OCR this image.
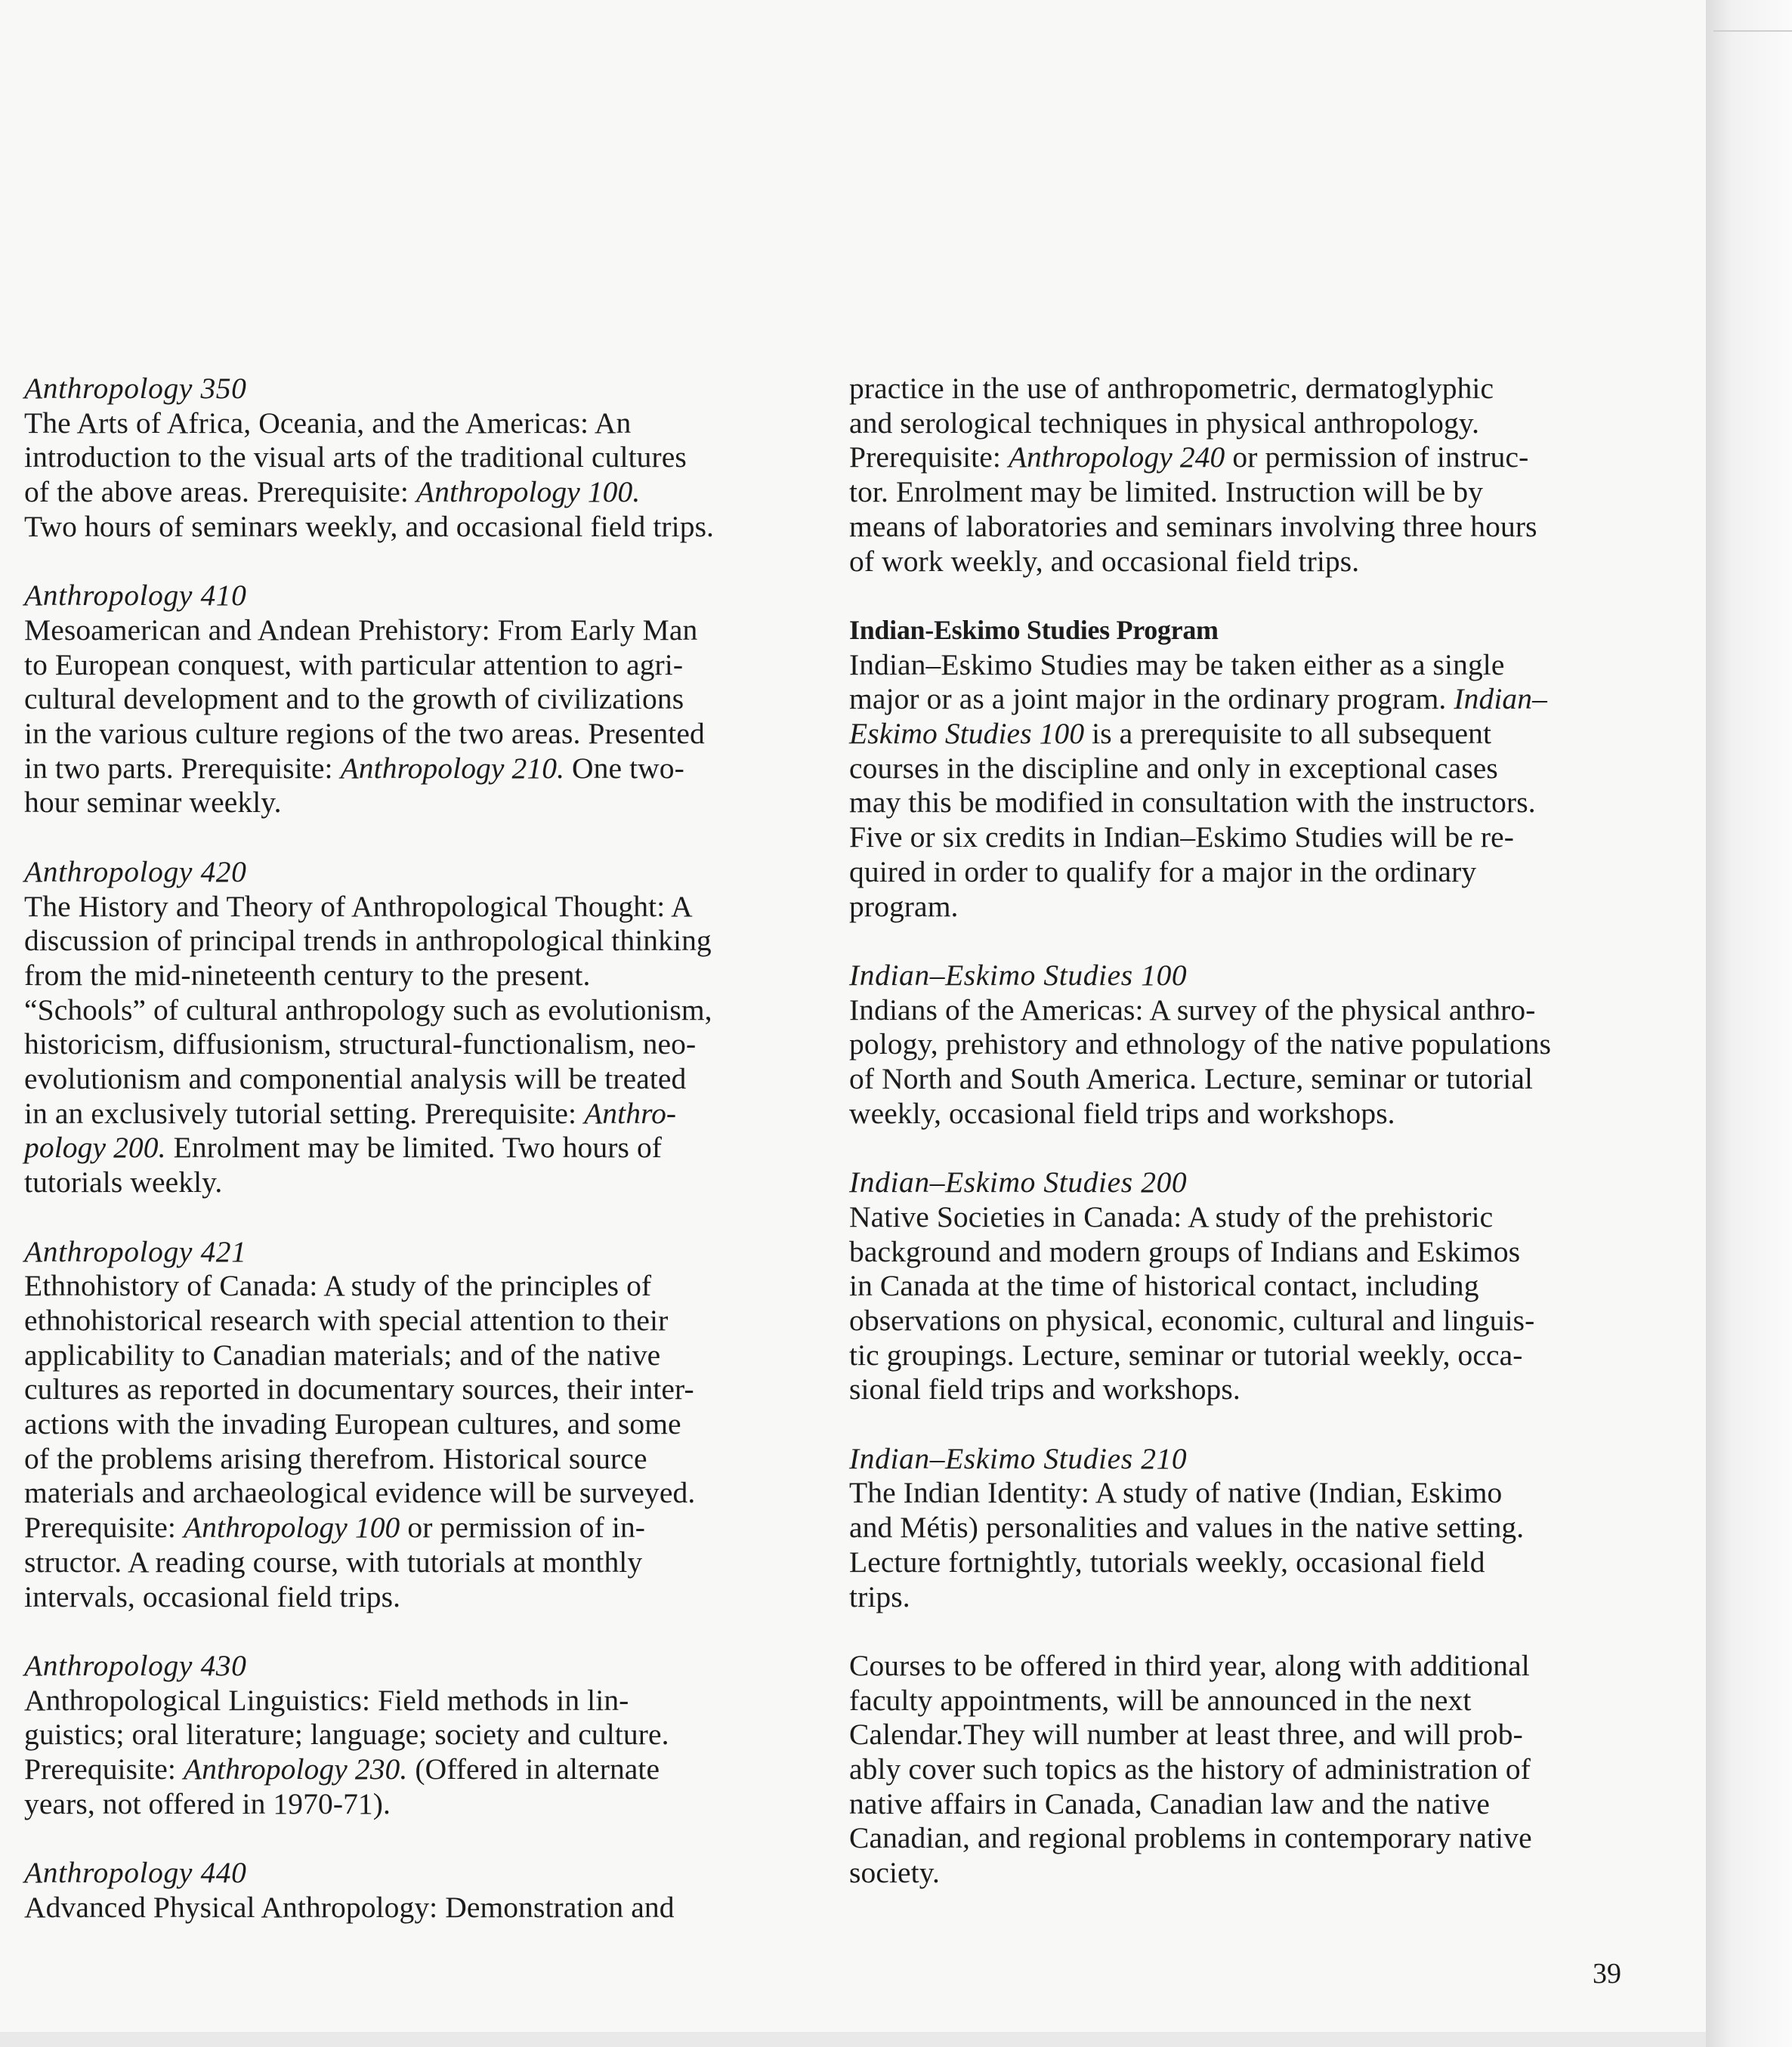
Anthropology 350
The Arts of Africa, Oceania, and the Americas: An
introduction to the visual arts of the traditional cultures
of the above areas. Prerequisite: Anthropology 100.
Two hours of seminars weekly, and occasional field trips.
Anthropology 410
Mesoamerican and Andean Prehistory: From Early Man
to European conquest, with particular attention to agri-
cultural development and to the growth of civilizations
in the various culture regions of the two areas. Presented
in two parts. Prerequisite: Anthropology 210. One two-
hour seminar weekly.
Anthropology 420
The History and Theory of Anthropological Thought: A
discussion of principal trends in anthropological thinking
from the mid-nineteenth century to the present.
“Schools” of cultural anthropology such as evolutionism,
historicism, diffusionism, structural-functionalism, neo-
evolutionism and componential analysis will be treated
in an exclusively tutorial setting. Prerequisite: Anthro-
pology 200. Enrolment may be limited. Two hours of
tutorials weekly.
Anthropology 421
Ethnohistory of Canada: A study of the principles of
ethnohistorical research with special attention to their
applicability to Canadian materials; and of the native
cultures as reported in documentary sources, their inter-
actions with the invading European cultures, and some
of the problems arising therefrom. Historical source
materials and archaeological evidence will be surveyed.
Prerequisite: Anthropology 100 or permission of in-
structor. A reading course, with tutorials at monthly
intervals, occasional field trips.
Anthropology 430
Anthropological Linguistics: Field methods in lin-
guistics; oral literature; language; society and culture.
Prerequisite: Anthropology 230. (Offered in alternate
years, not offered in 1970-71).
Anthropology 440
Advanced Physical Anthropology: Demonstration and
practice in the use of anthropometric, dermatoglyphic
and serological techniques in physical anthropology.
Prerequisite: Anthropology 240 or permission of instruc-
tor. Enrolment may be limited. Instruction will be by
means of laboratories and seminars involving three hours
of work weekly, and occasional field trips.
Indian-Eskimo Studies Program
Indian–Eskimo Studies may be taken either as a single
major or as a joint major in the ordinary program. Indian–
Eskimo Studies 100 is a prerequisite to all subsequent
courses in the discipline and only in exceptional cases
may this be modified in consultation with the instructors.
Five or six credits in Indian–Eskimo Studies will be re-
quired in order to qualify for a major in the ordinary
program.
Indian–Eskimo Studies 100
Indians of the Americas: A survey of the physical anthro-
pology, prehistory and ethnology of the native populations
of North and South America. Lecture, seminar or tutorial
weekly, occasional field trips and workshops.
Indian–Eskimo Studies 200
Native Societies in Canada: A study of the prehistoric
background and modern groups of Indians and Eskimos
in Canada at the time of historical contact, including
observations on physical, economic, cultural and linguis-
tic groupings. Lecture, seminar or tutorial weekly, occa-
sional field trips and workshops.
Indian–Eskimo Studies 210
The Indian Identity: A study of native (Indian, Eskimo
and Métis) personalities and values in the native setting.
Lecture fortnightly, tutorials weekly, occasional field
trips.
Courses to be offered in third year, along with additional
faculty appointments, will be announced in the next
Calendar.They will number at least three, and will prob-
ably cover such topics as the history of administration of
native affairs in Canada, Canadian law and the native
Canadian, and regional problems in contemporary native
society.
39
